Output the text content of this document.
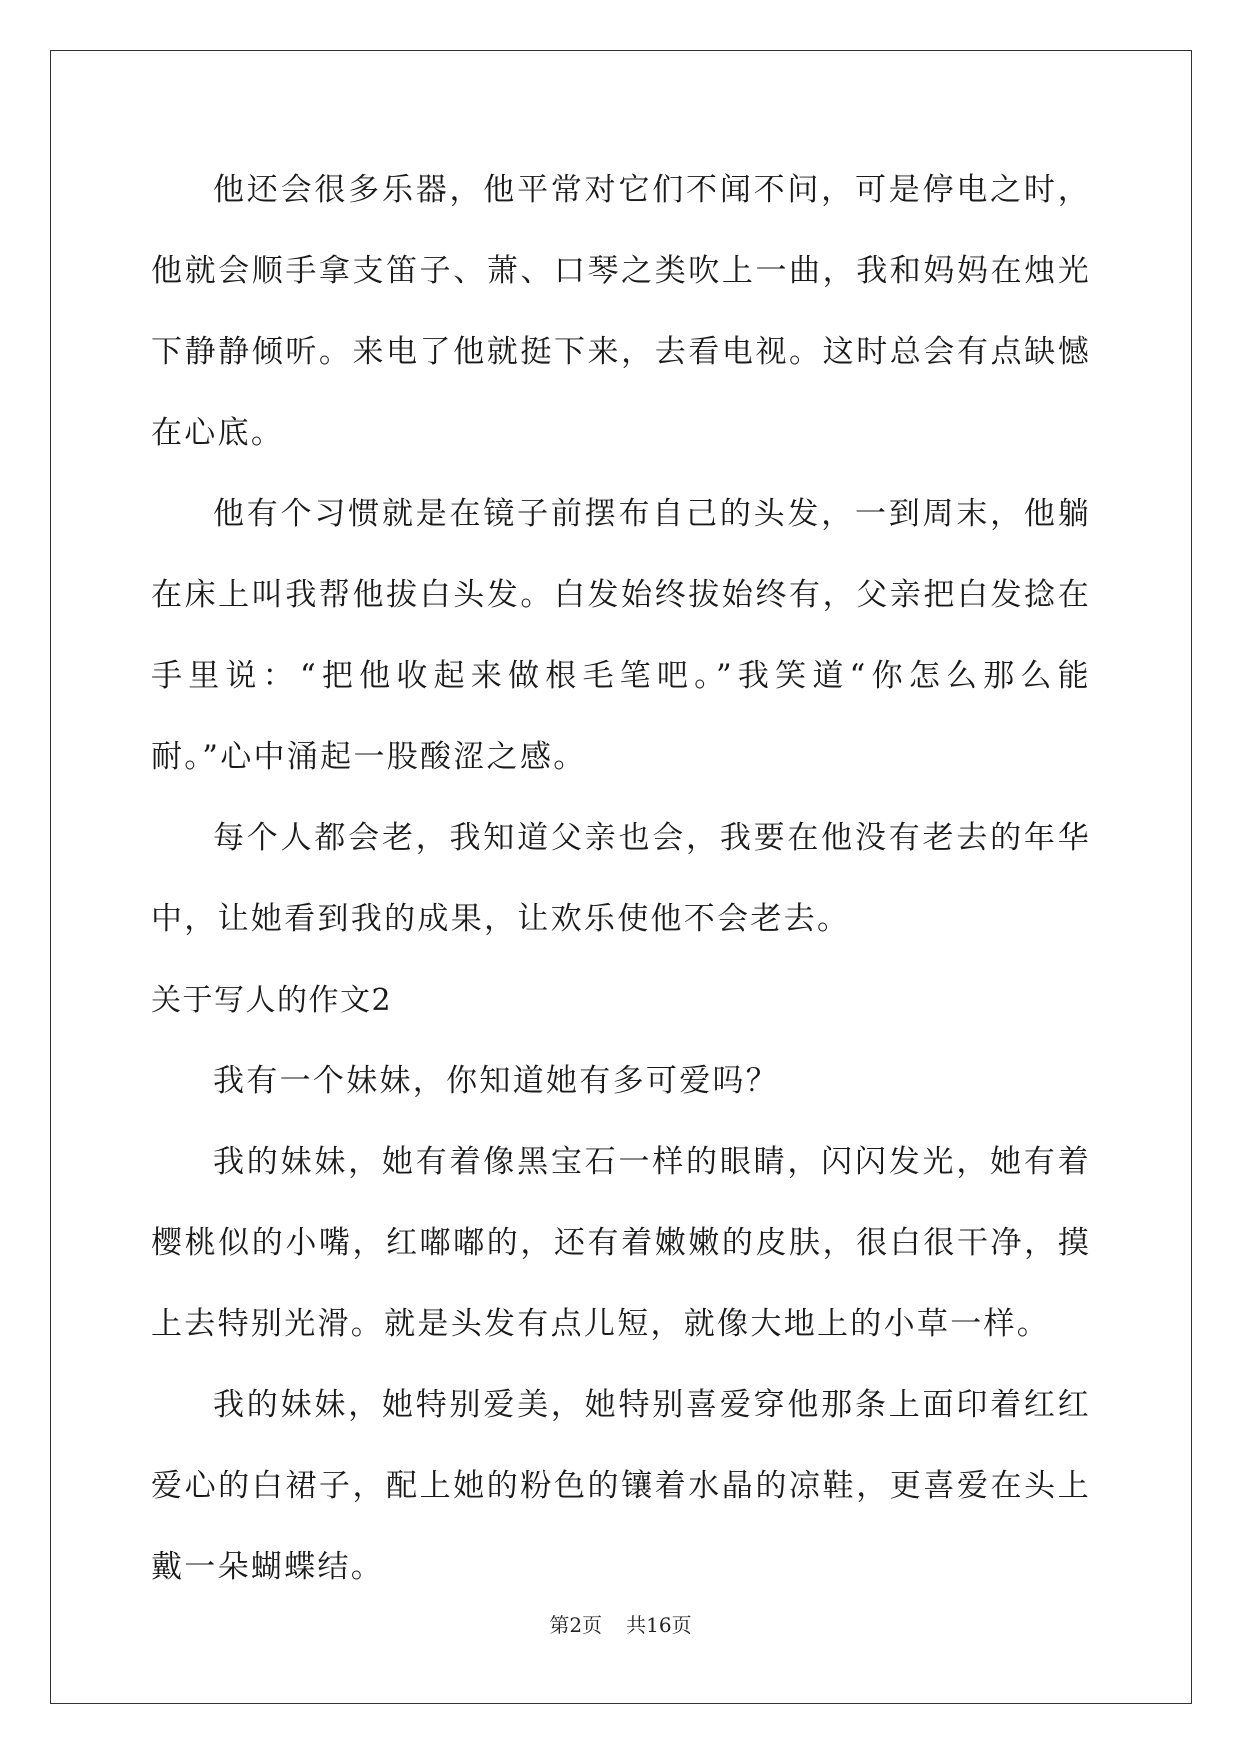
他还会很多乐器，他平常对它们不闻不问，可是停电之时，他就会顺手拿支笛子、萧、口琴之类吹上一曲，我和妈妈在烛光下静静倾听。来电了他就挺下来，去看电视。这时总会有点缺憾在心底。

他有个习惯就是在镜子前摆布自己的头发，一到周末，他躺在床上叫我帮他拔白头发。白发始终拔始终有，父亲把白发捻在手里说：“把他收起来做根毛笔吧。”我笑道“你怎么那么能耐。”心中涌起一股酸涩之感。

每个人都会老，我知道父亲也会，我要在他没有老去的年华中，让她看到我的成果，让欢乐使他不会老去。

关于写人的作文2

我有一个妹妹，你知道她有多可爱吗？

我的妹妹，她有着像黑宝石一样的眼睛，闪闪发光，她有着樱桃似的小嘴，红嘟嘟的，还有着嫩嫩的皮肤，很白很干净，摸上去特别光滑。就是头发有点儿短，就像大地上的小草一样。

我的妹妹，她特别爱美，她特别喜爱穿他那条上面印着红红爱心的白裙子，配上她的粉色的镶着水晶的凉鞋，更喜爱在头上戴一朵蝴蝶结。

第2页 共16页
